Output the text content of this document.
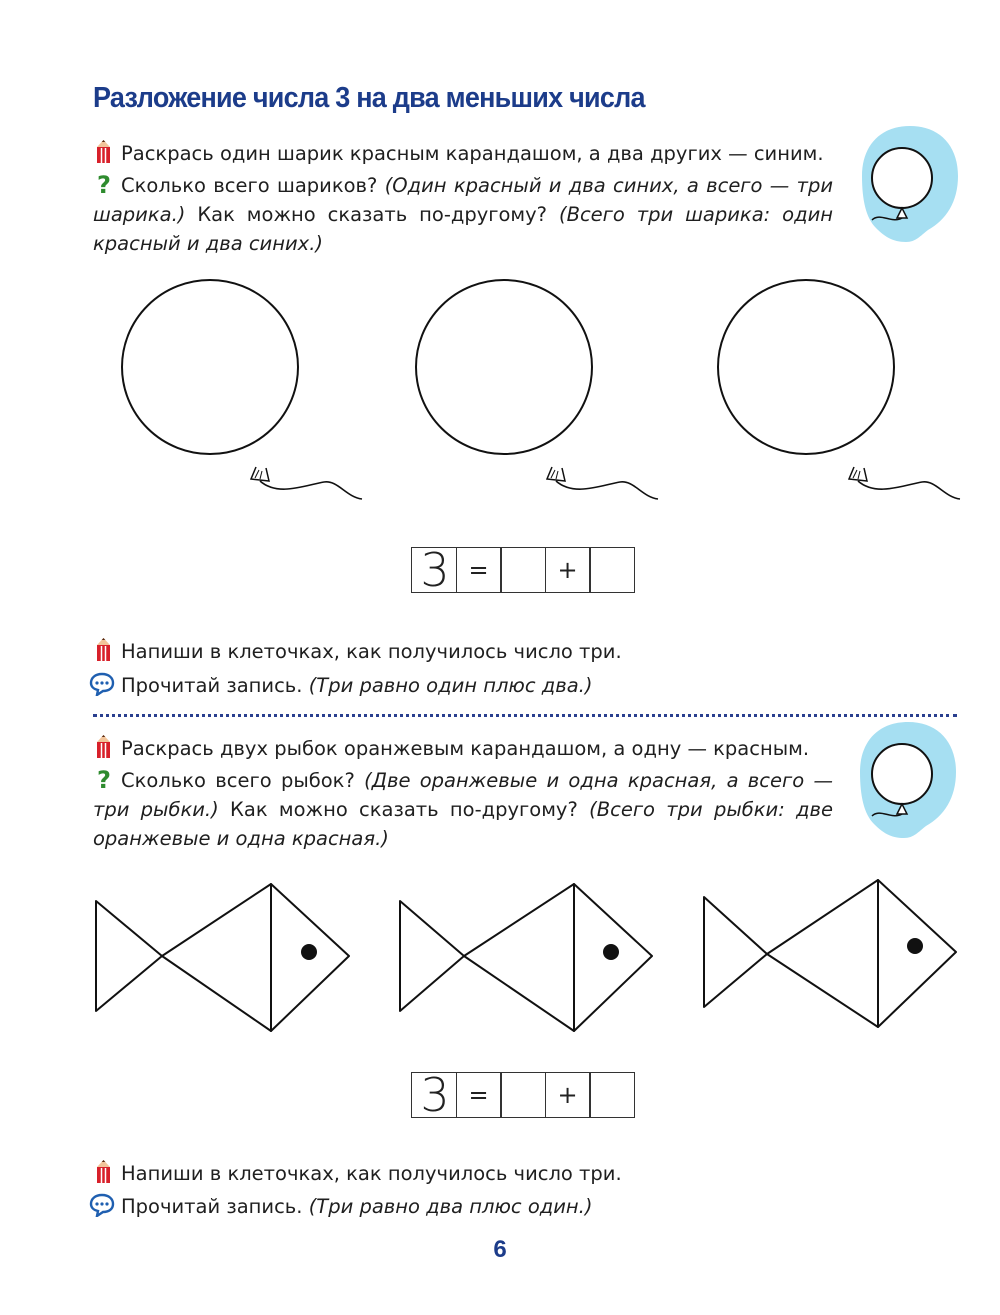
Разложение числа 3 на два меньших числа

Раскрась один шарик красным карандашом, а два других — синим.

? Сколько всего шариков? (Один красный и два синих, а всего — три шарика.) Как можно сказать по-другому? (Всего три шарика: один красный и два синих.)

3 =	+

Напиши в клеточках, как получилось число три.

Прочитай запись. (Три равно один плюс два.)

Раскрась двух рыбок оранжевым карандашом, а одну — красным.

? Сколько всего рыбок? (Две оранжевые и одна красная, а всего — три рыбки.) Как можно сказать по-другому? (Всего три рыбки: две оранжевые и одна красная.)

3 =	+

Напиши в клеточках, как получилось число три.

Прочитай запись. (Три равно два плюс один.)

6
